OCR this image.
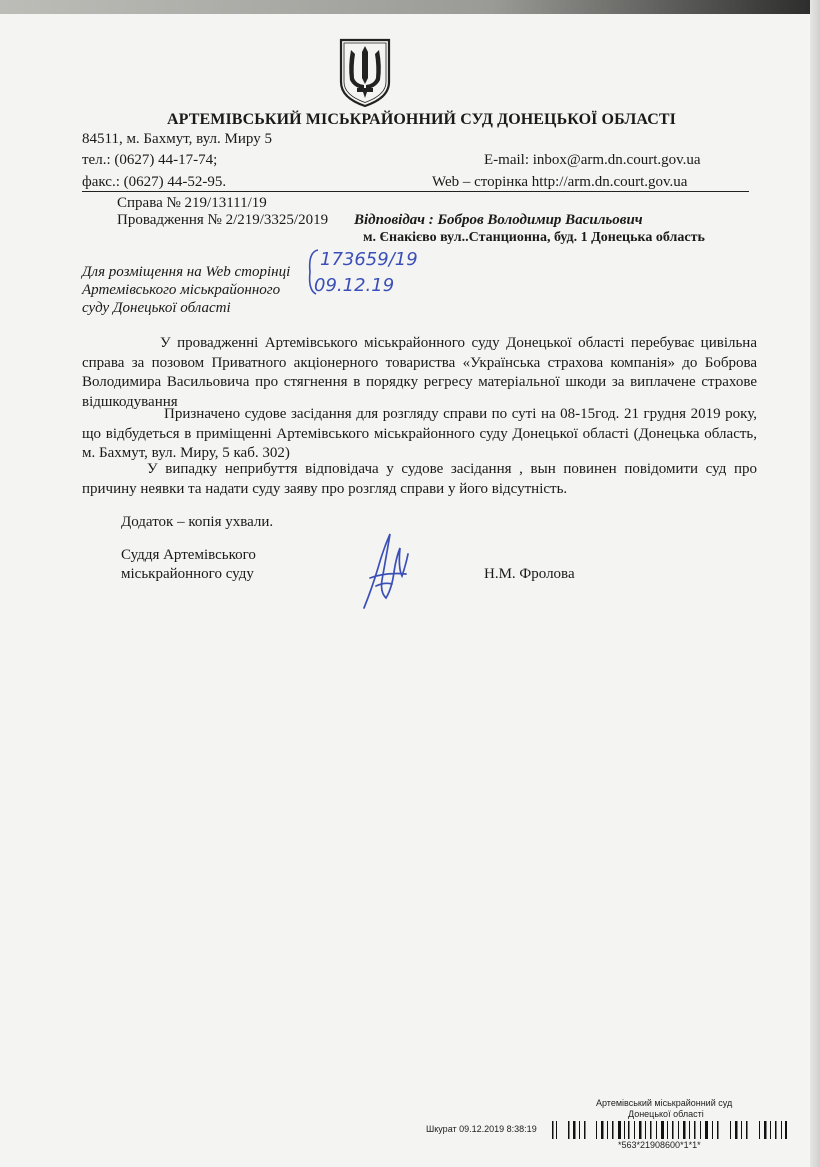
АРТЕМІВСЬКИЙ МІСЬКРАЙОННИЙ СУД ДОНЕЦЬКОЇ ОБЛАСТІ
84511, м. Бахмут, вул. Миру 5
тел.: (0627) 44-17-74;	E-mail: inbox@arm.dn.court.gov.ua
факс.: (0627) 44-52-95.	Web – сторінка http://arm.dn.court.gov.ua
Справа № 219/13111/19
Провадження № 2/219/3325/2019 Відповідач : Бобров Володимир Васильович
м. Єнакієво вул..Станционна, буд. 1 Донецька область
Для розміщення на Web сторінці
Артемівського міськрайонного
суду Донецької області
173659/19
09.12.19

У провадженні Артемівського міськрайонного суду Донецької області перебуває цивільна справа за позовом Приватного акціонерного товариства «Українська страхова компанія» до Боброва Володимира Васильовича про стягнення в порядку регресу матеріальної шкоди за виплачене страхове відшкодування

Призначено судове засідання для розгляду справи по суті на 08-15год. 21 грудня 2019 року, що відбудеться в приміщенні Артемівського міськрайонного суду Донецької області (Донецька область, м. Бахмут, вул. Миру, 5 каб. 302)

У випадку неприбуття відповідача у судове засідання , вын повинен повідомити суд про причину неявки та надати суду заяву про розгляд справи у його відсутність.

Додаток – копія ухвали.
Суддя Артемівського
міськрайонного суду	Н.М. Фролова
Артемівський міськрайонний суд
Донецької області
Шкурат 09.12.2019 8:38:19
*563*21908600*1*1*
